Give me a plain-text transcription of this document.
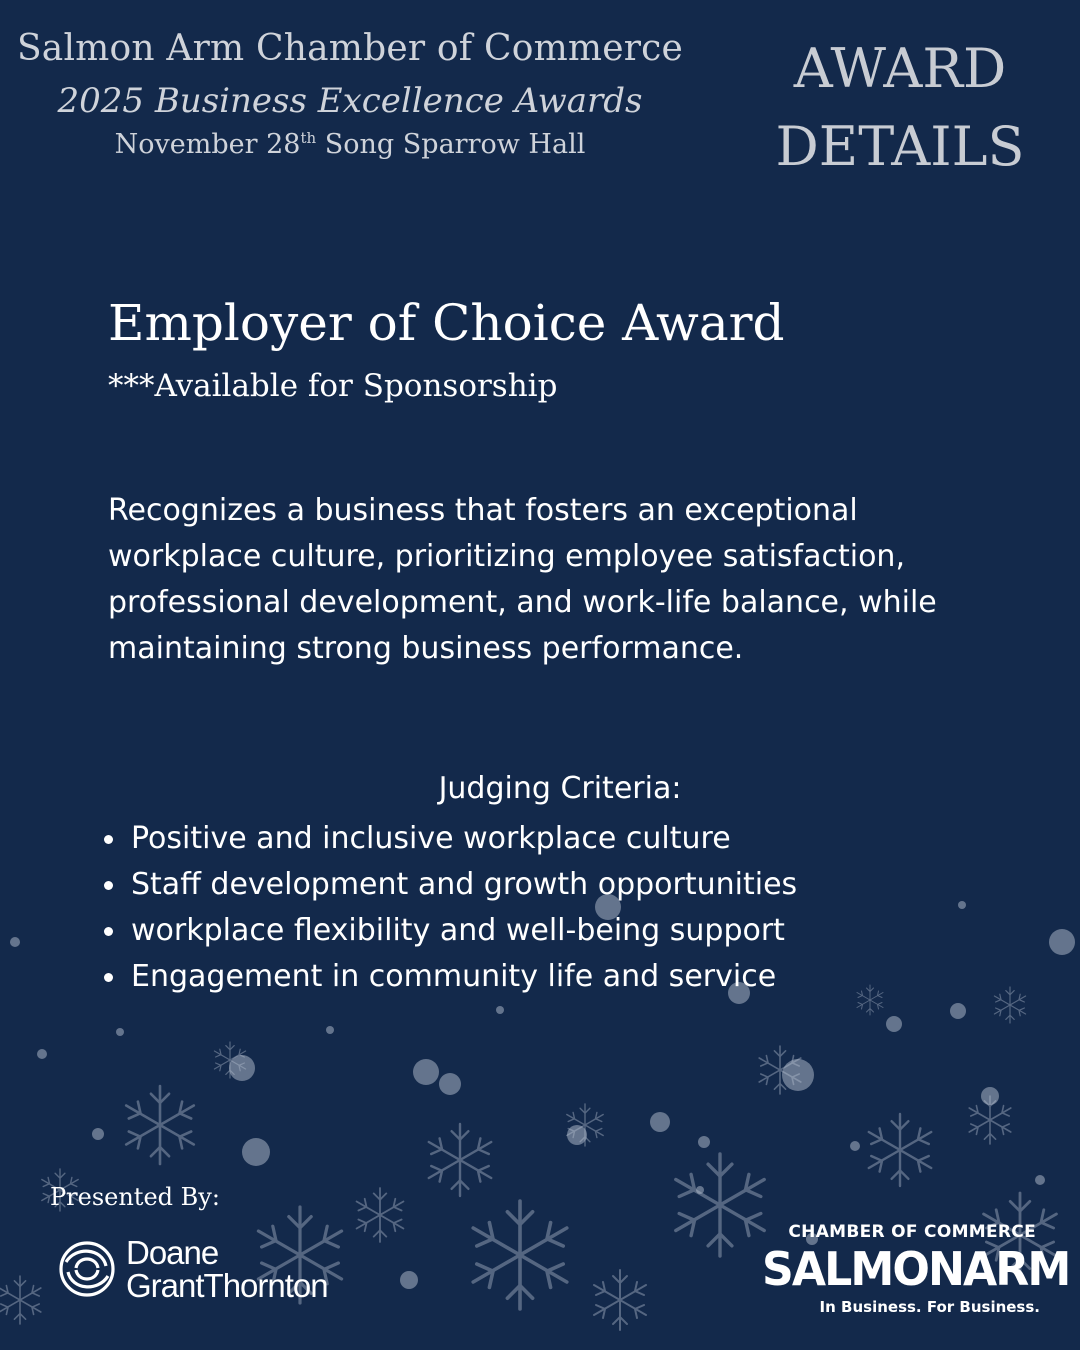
Salmon Arm Chamber of Commerce
2025 Business Excellence Awards
November 28th Song Sparrow Hall
AWARD
DETAILS
Employer of Choice Award
***Available for Sponsorship
Recognizes a business that fosters an exceptional workplace culture, prioritizing employee satisfaction, professional development, and work-life balance, while maintaining strong business performance.
Judging Criteria:
Positive and inclusive workplace culture
Staff development and growth opportunities
workplace flexibility and well-being support
Engagement in community life and service
Presented By:
Doane
GrantThornton
CHAMBER OF COMMERCE
SALMONARM
In Business. For Business.
